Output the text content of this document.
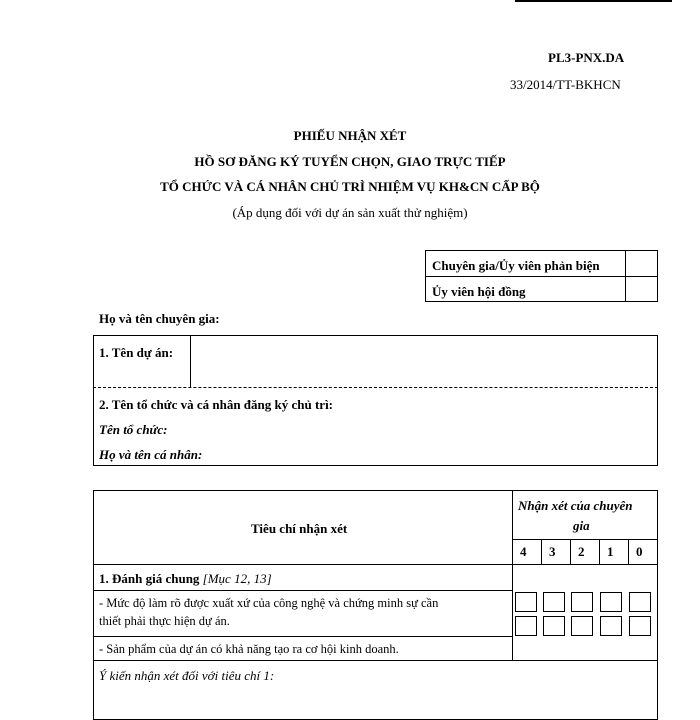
PL3-PNX.DA
33/2014/TT-BKHCN
PHIẾU NHẬN XÉT
HỒ SƠ ĐĂNG KÝ TUYỂN CHỌN, GIAO TRỰC TIẾP
TỔ CHỨC VÀ CÁ NHÂN CHỦ TRÌ NHIỆM VỤ KH&CN CẤP BỘ
(Áp dụng đối với dự án sản xuất thử nghiệm)
Chuyên gia/Ủy viên phản biện
Ủy viên hội đồng
Họ và tên chuyên gia:
1. Tên dự án:
2. Tên tổ chức và cá nhân đăng ký chủ trì:
Tên tổ chức:
Họ và tên cá nhân:
Tiêu chí nhận xét
Nhận xét của chuyên
gia
4 3 2 1 0
1. Đánh giá chung [Mục 12, 13]
- Mức độ làm rõ được xuất xứ của công nghệ và chứng minh sự cần
thiết phải thực hiện dự án.
- Sản phẩm của dự án có khả năng tạo ra cơ hội kinh doanh.
Ý kiến nhận xét đối với tiêu chí 1:
